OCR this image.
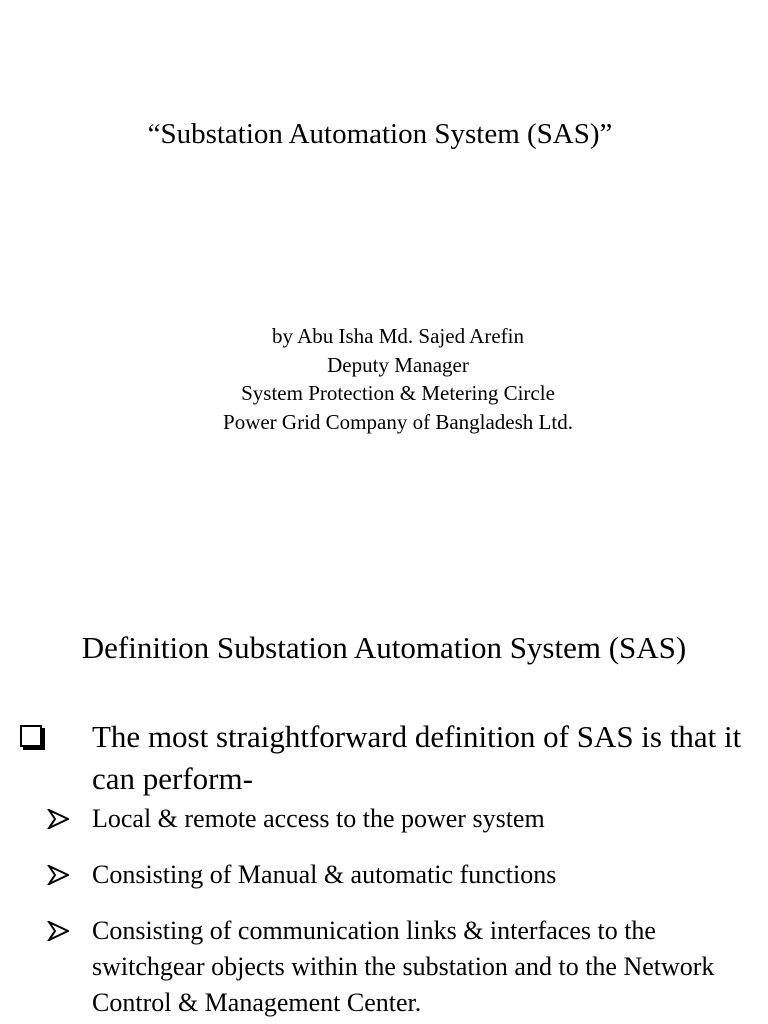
“Substation Automation System (SAS)”
by Abu Isha Md. Sajed Arefin
Deputy Manager
System Protection & Metering Circle
Power Grid Company of Bangladesh Ltd.
Definition Substation Automation System (SAS)
The most straightforward definition of SAS is that it can perform-
Local & remote access to the power system
Consisting of Manual & automatic functions
Consisting of communication links & interfaces to the switchgear objects within the substation and to the Network Control & Management Center.
